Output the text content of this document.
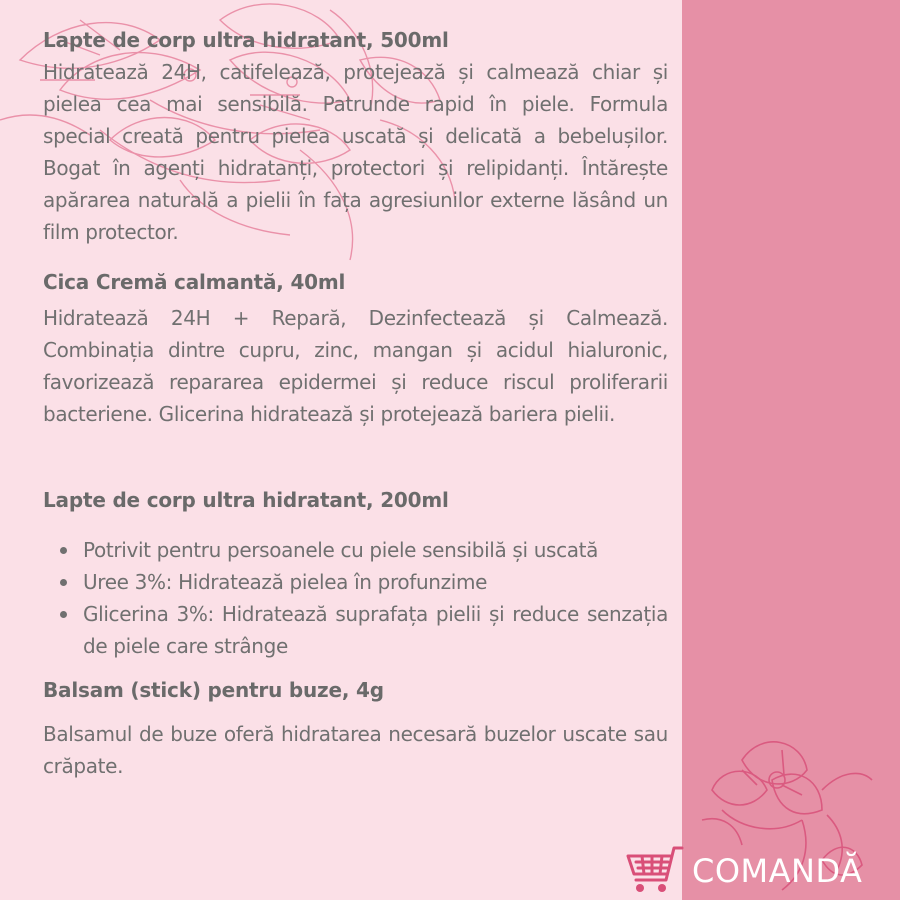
Lapte de corp ultra hidratant, 500ml

Hidratează 24H, catifelează, protejează și calmează chiar și pielea cea mai sensibilă. Patrunde rapid în piele. Formula special creată pentru pielea uscată și delicată a bebelușilor. Bogat în agenți hidratanți, protectori și relipidanți. Întărește apărarea naturală a pielii în fața agresiunilor externe lăsând un film protector.

Cica Cremă calmantă, 40ml

Hidratează 24H + Repară, Dezinfectează și Calmează. Combinația dintre cupru, zinc, mangan și acidul hialuronic, favorizează repararea epidermei și reduce riscul proliferarii bacteriene. Glicerina hidratează și protejează bariera pielii.

Lapte de corp ultra hidratant, 200ml
Potrivit pentru persoanele cu piele sensibilă și uscată
Uree 3%: Hidratează pielea în profunzime
Glicerina 3%: Hidratează suprafața pielii și reduce senzația de piele care strânge
Balsam (stick) pentru buze, 4g

Balsamul de buze oferă hidratarea necesară buzelor uscate sau crăpate.

COMANDĂ
